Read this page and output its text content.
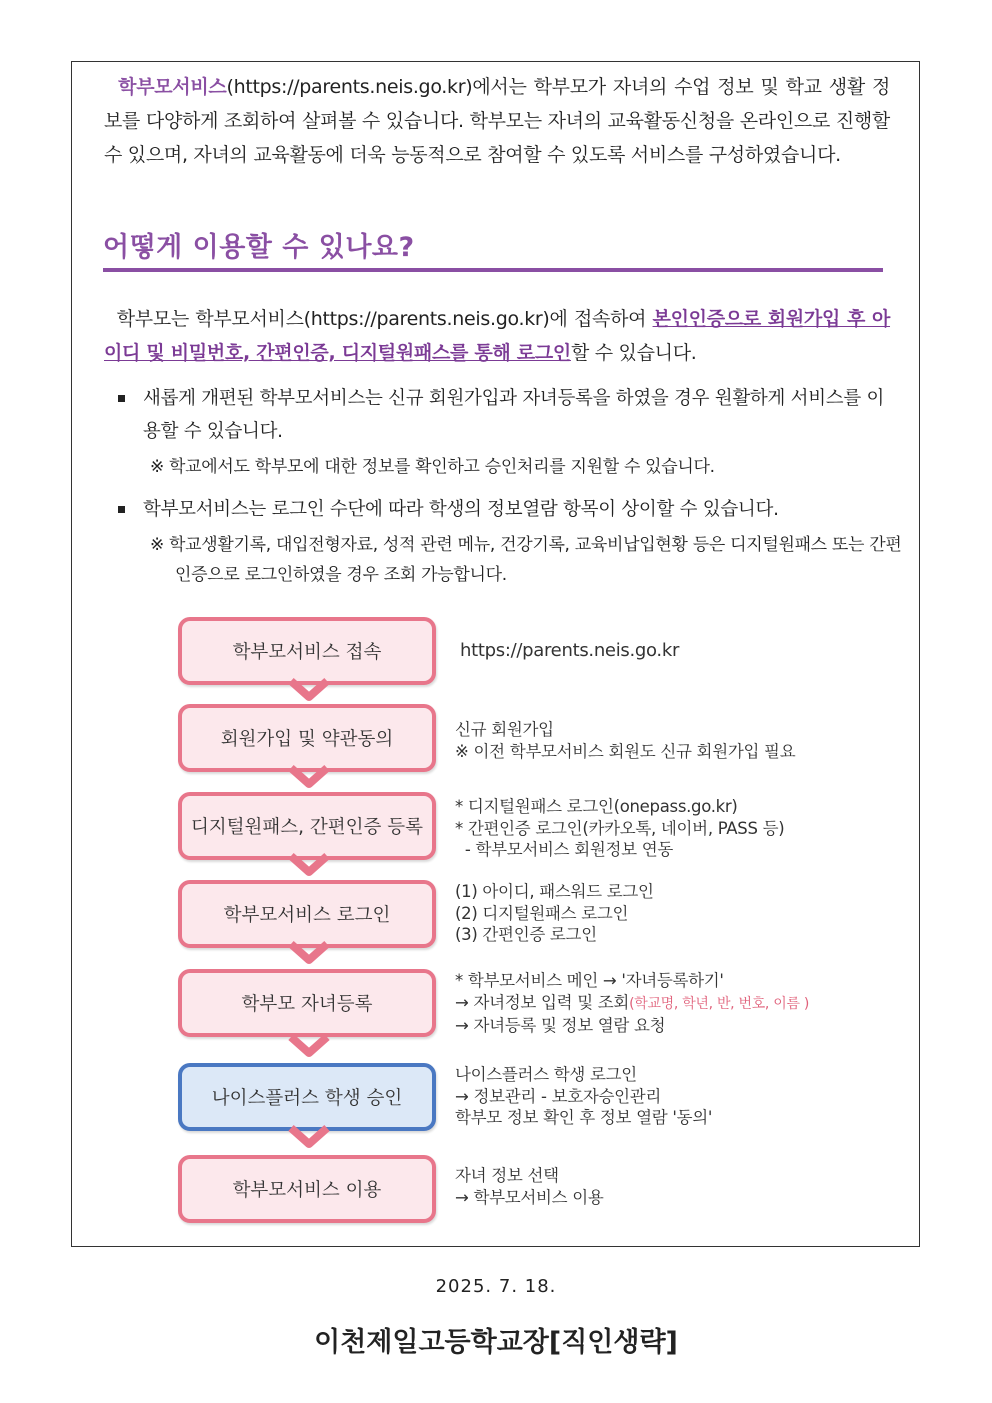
학부모서비스(https://parents.neis.go.kr)에서는 학부모가 자녀의 수업 정보 및 학교 생활 정보를 다양하게 조회하여 살펴볼 수 있습니다. 학부모는 자녀의 교육활동신청을 온라인으로 진행할 수 있으며, 자녀의 교육활동에 더욱 능동적으로 참여할 수 있도록 서비스를 구성하였습니다.
어떻게 이용할 수 있나요?
학부모는 학부모서비스(https://parents.neis.go.kr)에 접속하여 본인인증으로 회원가입 후 아이디 및 비밀번호, 간편인증, 디지털원패스를 통해 로그인할 수 있습니다.
새롭게 개편된 학부모서비스는 신규 회원가입과 자녀등록을 하였을 경우 원활하게 서비스를 이용할 수 있습니다.
※ 학교에서도 학부모에 대한 정보를 확인하고 승인처리를 지원할 수 있습니다.
학부모서비스는 로그인 수단에 따라 학생의 정보열람 항목이 상이할 수 있습니다.
※ 학교생활기록, 대입전형자료, 성적 관련 메뉴, 건강기록, 교육비납입현황 등은 디지털원패스 또는 간편인증으로 로그인하였을 경우 조회 가능합니다.
학부모서비스 접속
회원가입 및 약관동의
디지털원패스, 간편인증 등록
학부모서비스 로그인
학부모 자녀등록
나이스플러스 학생 승인
학부모서비스 이용
https://parents.neis.go.kr
신규 회원가입
※ 이전 학부모서비스 회원도 신규 회원가입 필요
* 디지털원패스 로그인(onepass.go.kr)
* 간편인증 로그인(카카오톡, 네이버, PASS 등)
- 학부모서비스 회원정보 연동
(1) 아이디, 패스워드 로그인
(2) 디지털원패스 로그인
(3) 간편인증 로그인
* 학부모서비스 메인 → '자녀등록하기'
→ 자녀정보 입력 및 조회(학교명, 학년, 반, 번호, 이름 )
→ 자녀등록 및 정보 열람 요청
나이스플러스 학생 로그인
→ 정보관리 - 보호자승인관리
학부모 정보 확인 후 정보 열람 '동의'
자녀 정보 선택
→ 학부모서비스 이용
2025. 7. 18.
이천제일고등학교장[직인생략]
